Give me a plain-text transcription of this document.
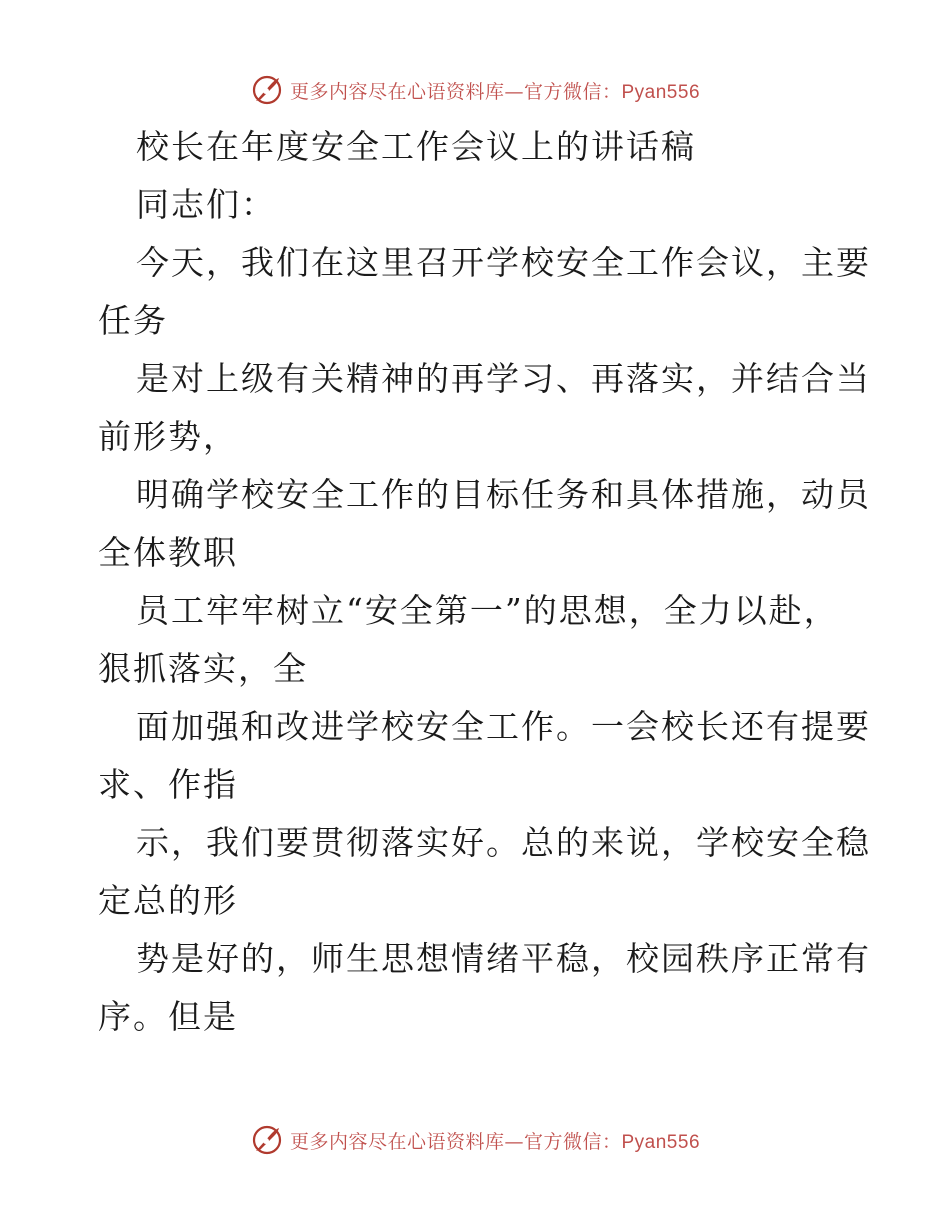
更多内容尽在心语资料库—官方微信：Pyan556
校长在年度安全工作会议上的讲话稿
同志们：
今天，我们在这里召开学校安全工作会议，主要
任务
是对上级有关精神的再学习、再落实，并结合当
前形势，
明确学校安全工作的目标任务和具体措施，动员
全体教职
员工牢牢树立“安全第一”的思想，全力以赴，
狠抓落实，全
面加强和改进学校安全工作。一会校长还有提要
求、作指
示，我们要贯彻落实好。总的来说，学校安全稳
定总的形
势是好的，师生思想情绪平稳，校园秩序正常有
序。但是
更多内容尽在心语资料库—官方微信：Pyan556
